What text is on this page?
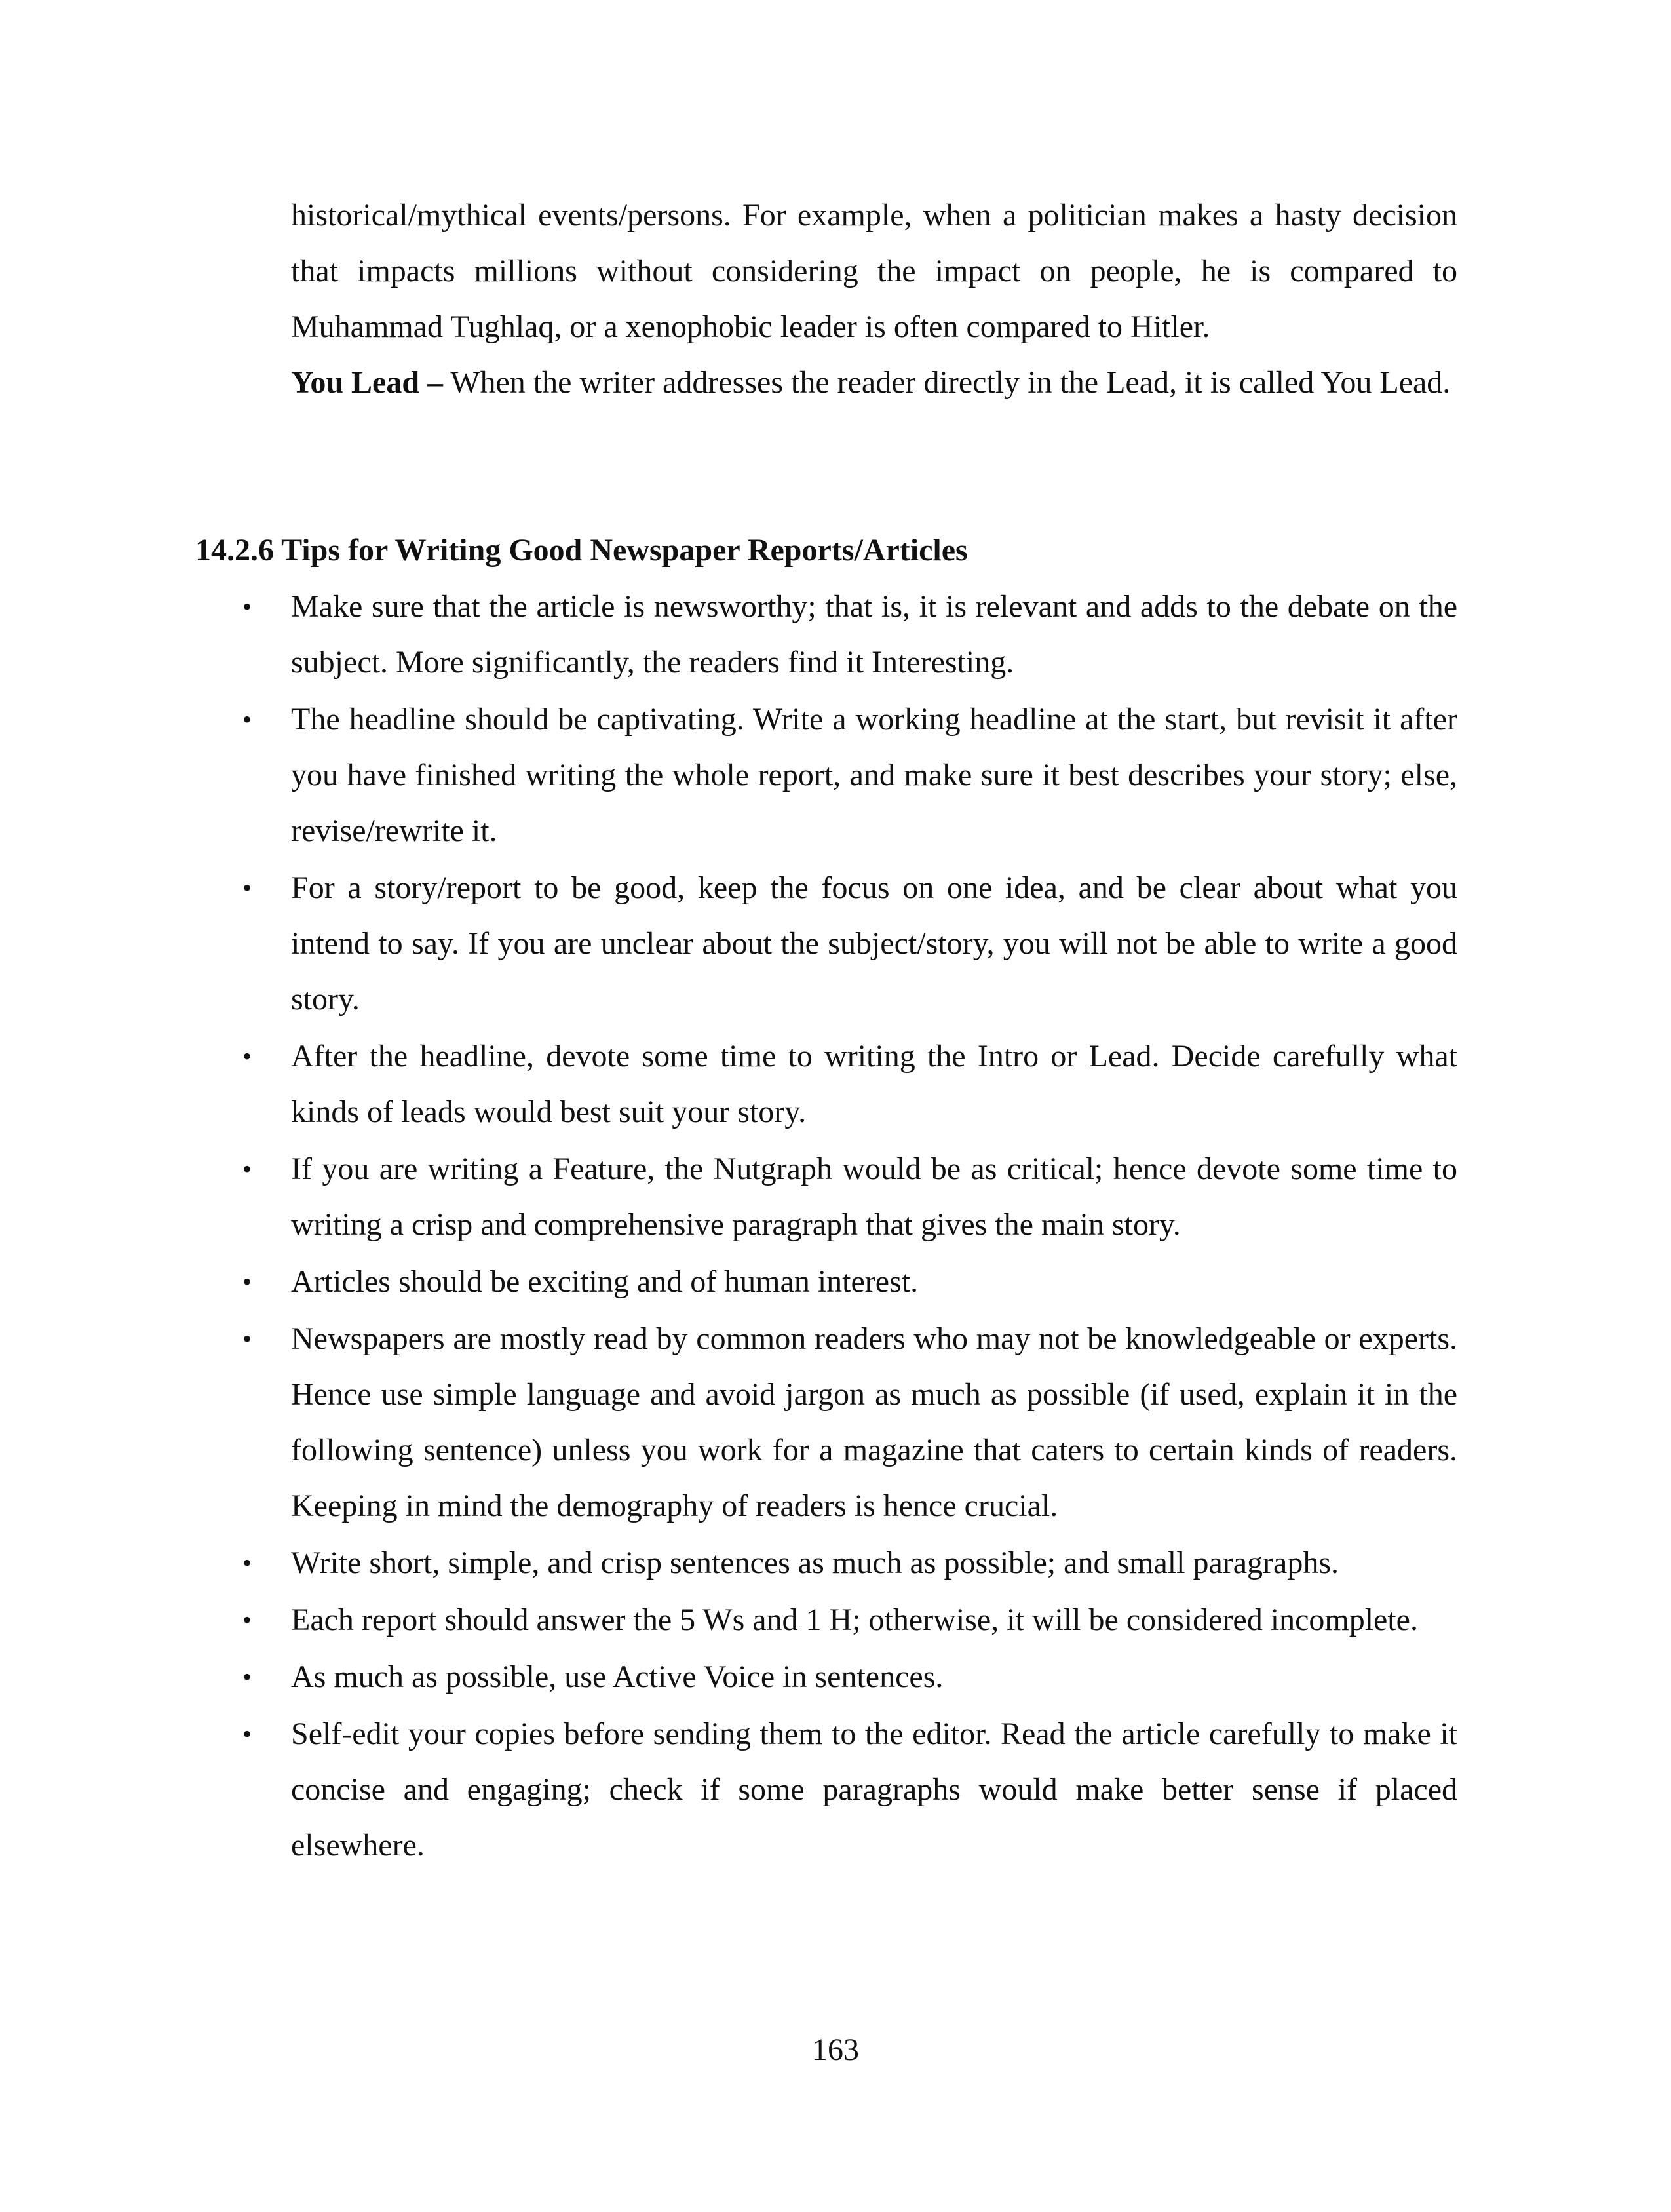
historical/mythical events/persons. For example, when a politician makes a hasty decision that impacts millions without considering the impact on people, he is compared to Muhammad Tughlaq, or a xenophobic leader is often compared to Hitler.

You Lead – When the writer addresses the reader directly in the Lead, it is called You Lead.

14.2.6 Tips for Writing Good Newspaper Reports/Articles
• Make sure that the article is newsworthy; that is, it is relevant and adds to the debate on the subject. More significantly, the readers find it Interesting.
• The headline should be captivating. Write a working headline at the start, but revisit it after you have finished writing the whole report, and make sure it best describes your story; else, revise/rewrite it.
• For a story/report to be good, keep the focus on one idea, and be clear about what you intend to say. If you are unclear about the subject/story, you will not be able to write a good story.
• After the headline, devote some time to writing the Intro or Lead. Decide carefully what kinds of leads would best suit your story.
• If you are writing a Feature, the Nutgraph would be as critical; hence devote some time to writing a crisp and comprehensive paragraph that gives the main story.
• Articles should be exciting and of human interest.
• Newspapers are mostly read by common readers who may not be knowledgeable or experts. Hence use simple language and avoid jargon as much as possible (if used, explain it in the following sentence) unless you work for a magazine that caters to certain kinds of readers. Keeping in mind the demography of readers is hence crucial.
• Write short, simple, and crisp sentences as much as possible; and small paragraphs.
• Each report should answer the 5 Ws and 1 H; otherwise, it will be considered incomplete.
• As much as possible, use Active Voice in sentences.
• Self-edit your copies before sending them to the editor. Read the article carefully to make it concise and engaging; check if some paragraphs would make better sense if placed elsewhere.

163
